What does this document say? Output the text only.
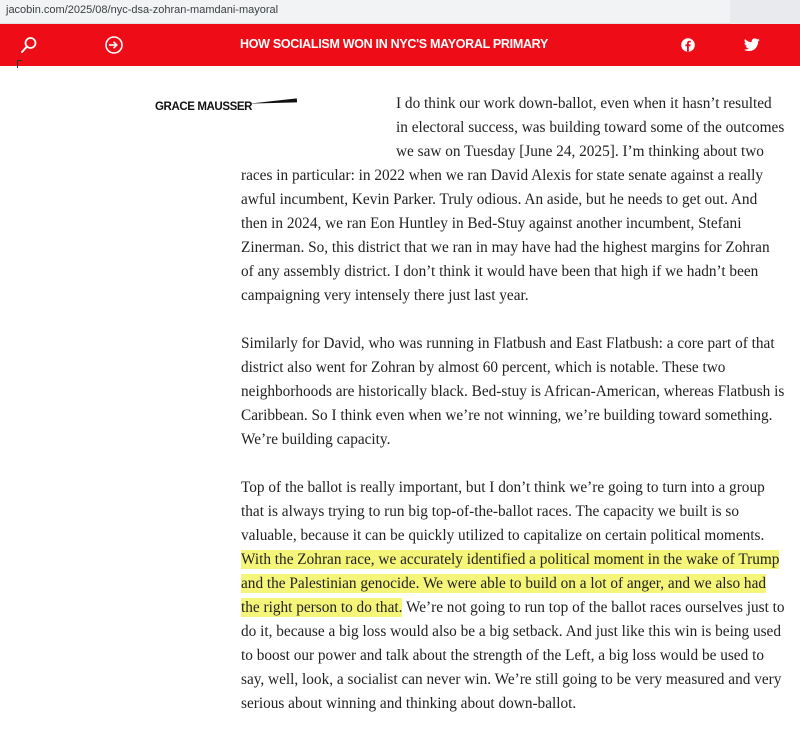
jacobin.com/2025/08/nyc-dsa-zohran-mamdani-mayoral
HOW SOCIALISM WON IN NYC'S MAYORAL PRIMARY
GRACE MAUSSER	I do think our work down-ballot, even when it hasn’t resulted in electoral success, was building toward some of the outcomes we saw on Tuesday [June 24, 2025]. I’m thinking about two races in particular: in 2022 when we ran David Alexis for state senate against a really awful incumbent, Kevin Parker. Truly odious. An aside, but he needs to get out. And then in 2024, we ran Eon Huntley in Bed-Stuy against another incumbent, Stefani Zinerman. So, this district that we ran in may have had the highest margins for Zohran of any assembly district. I don’t think it would have been that high if we hadn’t been campaigning very intensely there just last year.

Similarly for David, who was running in Flatbush and East Flatbush: a core part of that district also went for Zohran by almost 60 percent, which is notable. These two neighborhoods are historically black. Bed-stuy is African-American, whereas Flatbush is Caribbean. So I think even when we’re not winning, we’re building toward something. We’re building capacity.

Top of the ballot is really important, but I don’t think we’re going to turn into a group that is always trying to run big top-of-the-ballot races. The capacity we built is so valuable, because it can be quickly utilized to capitalize on certain political moments. With the Zohran race, we accurately identified a political moment in the wake of Trump and the Palestinian genocide. We were able to build on a lot of anger, and we also had the right person to do that. We’re not going to run top of the ballot races ourselves just to do it, because a big loss would also be a big setback. And just like this win is being used to boost our power and talk about the strength of the Left, a big loss would be used to say, well, look, a socialist can never win. We’re still going to be very measured and very serious about winning and thinking about down-ballot.
